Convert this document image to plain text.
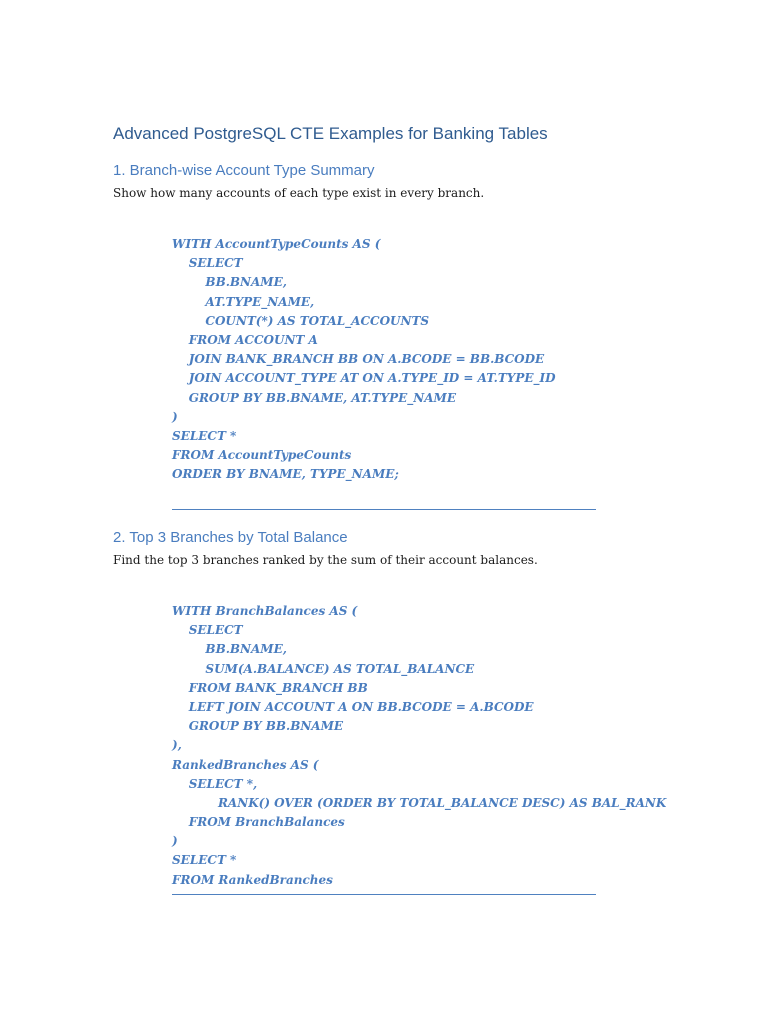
Advanced PostgreSQL CTE Examples for Banking Tables
1. Branch-wise Account Type Summary

Show how many accounts of each type exist in every branch.

WITH AccountTypeCounts AS (
SELECT
BB.BNAME,
AT.TYPE_NAME,
COUNT(*) AS TOTAL_ACCOUNTS
FROM ACCOUNT A
JOIN BANK_BRANCH BB ON A.BCODE = BB.BCODE
JOIN ACCOUNT_TYPE AT ON A.TYPE_ID = AT.TYPE_ID
GROUP BY BB.BNAME, AT.TYPE_NAME
)
SELECT *
FROM AccountTypeCounts
ORDER BY BNAME, TYPE_NAME;
2. Top 3 Branches by Total Balance

Find the top 3 branches ranked by the sum of their account balances.

WITH BranchBalances AS (
SELECT
BB.BNAME,
SUM(A.BALANCE) AS TOTAL_BALANCE
FROM BANK_BRANCH BB
LEFT JOIN ACCOUNT A ON BB.BCODE = A.BCODE
GROUP BY BB.BNAME
),
RankedBranches AS (
SELECT *,
RANK() OVER (ORDER BY TOTAL_BALANCE DESC) AS BAL_RANK
FROM BranchBalances
)
SELECT *
FROM RankedBranches
